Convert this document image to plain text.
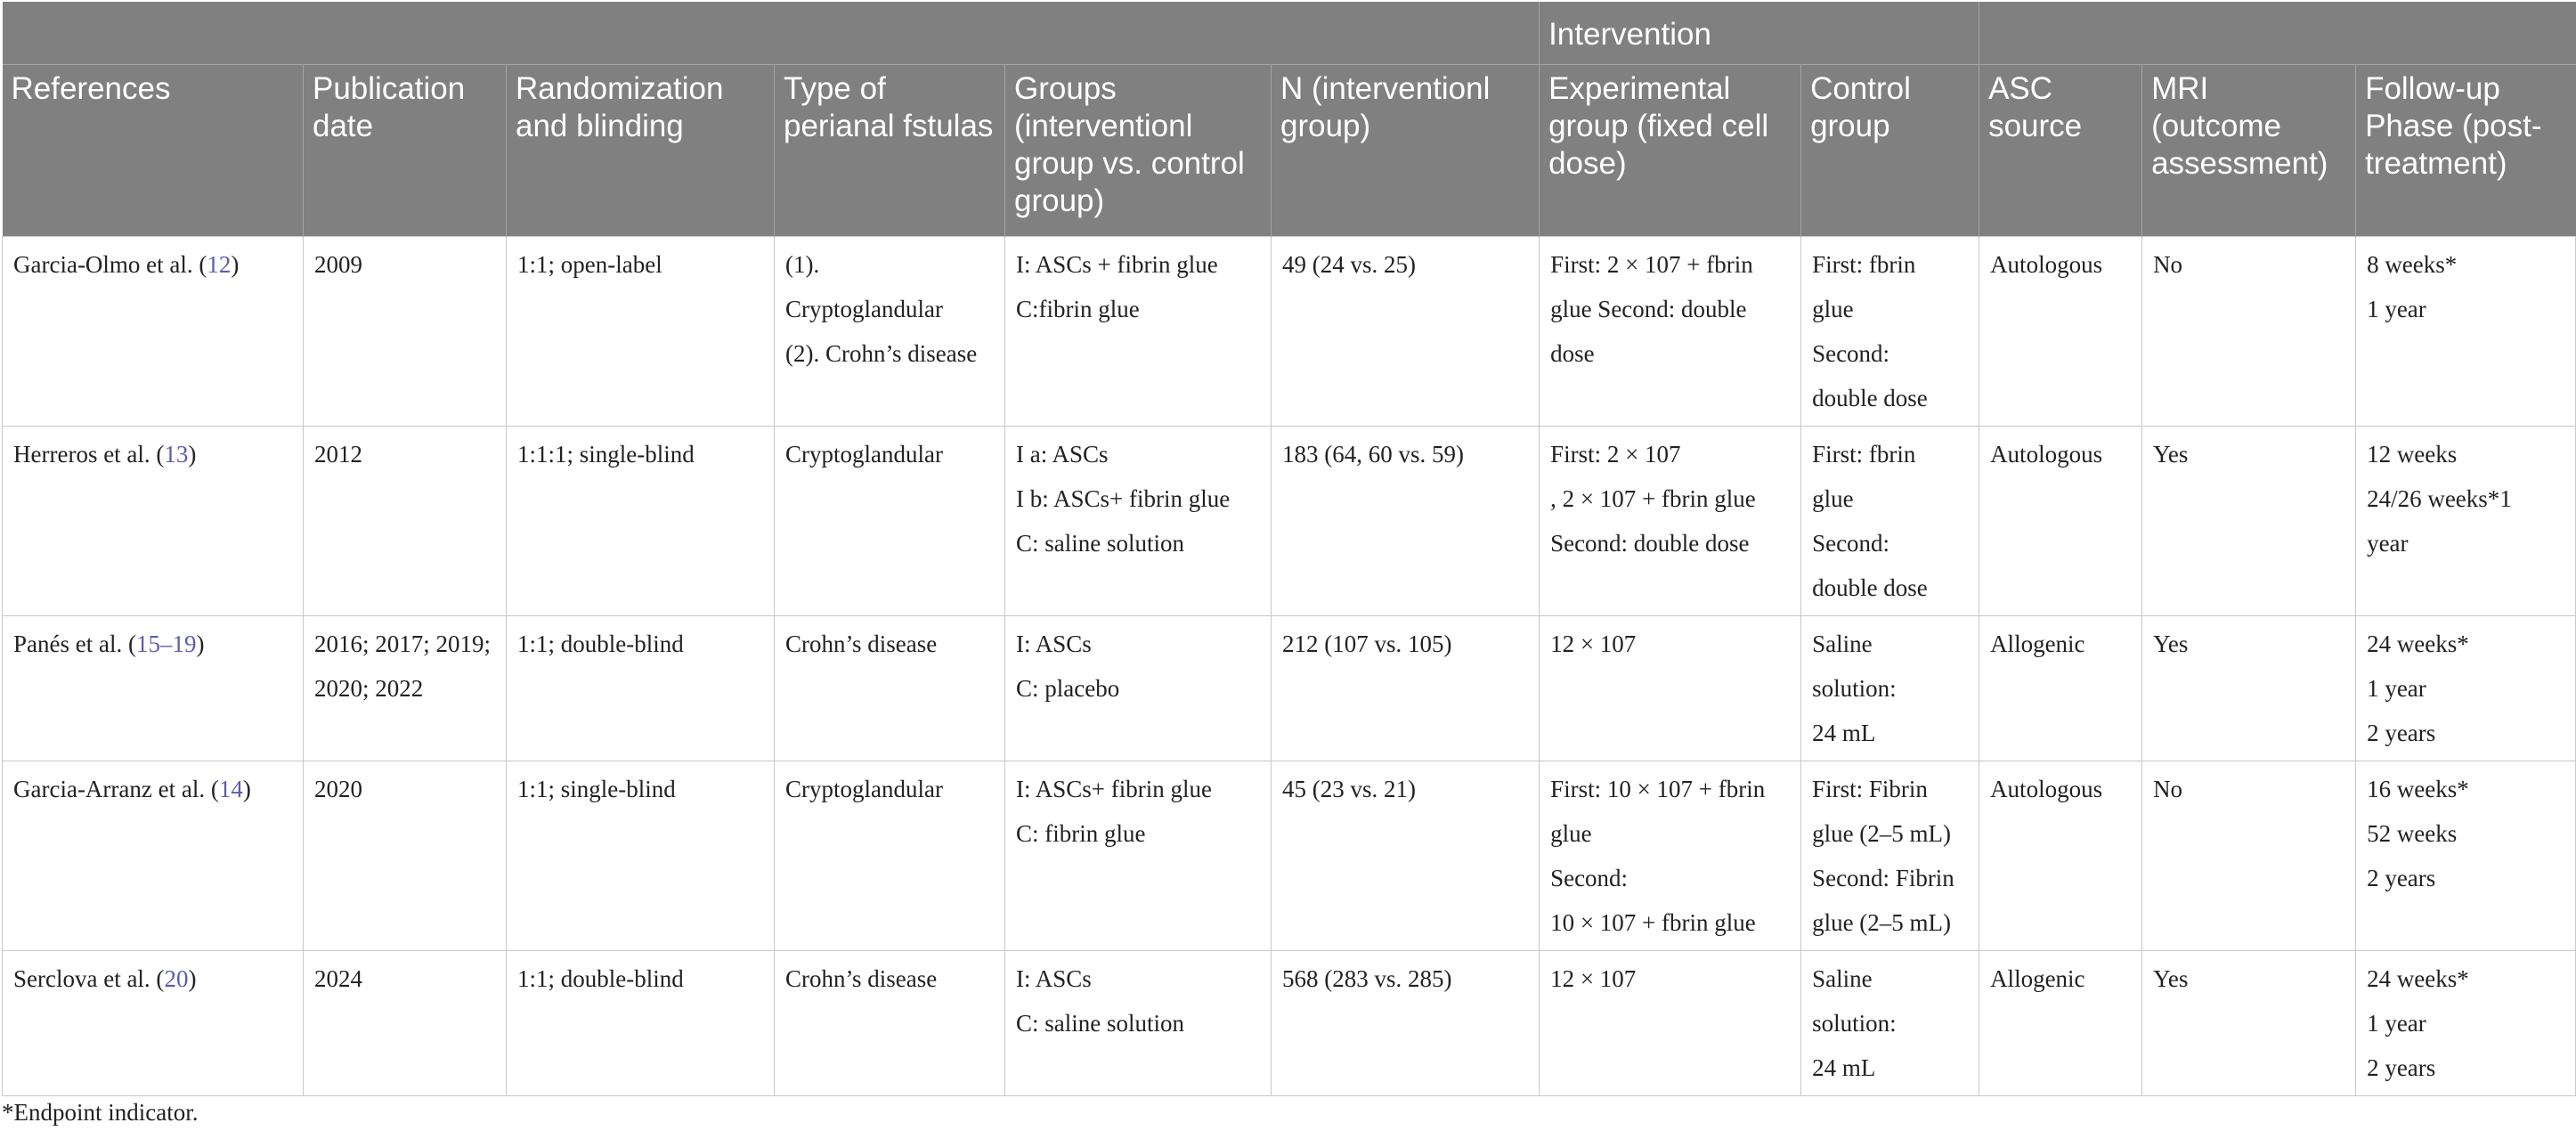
						Intervention				
References	Publication date	Randomization and blinding	Type of perianal fstulas	Groups (interventionl group vs. control group)	N (interventionl group)	Experimental group (fixed cell dose)	Control group	ASC source	MRI (outcome assessment)	Follow-up Phase (post-treatment)
Garcia-Olmo et al. (12)	2009	1:1; open-label	(1).
Cryptoglandular
(2). Crohn’s disease	I: ASCs + fibrin glue
C:fibrin glue	49 (24 vs. 25)	First: 2 × 107 + fbrin
glue Second: double
dose	First: fbrin
glue
Second:
double dose	Autologous	No	8 weeks*
1 year

Herreros et al. (13)	2012	1:1:1; single-blind	Cryptoglandular	I a: ASCs
I b: ASCs+ fibrin glue
C: saline solution	183 (64, 60 vs. 59)	First: 2 × 107
, 2 × 107 + fbrin glue
Second: double dose	First: fbrin
glue
Second:
double dose	Autologous	Yes	12 weeks
24/26 weeks*1
year

Panés et al. (15–19)	2016; 2017; 2019; 2020; 2022	1:1; double-blind	Crohn’s disease	I: ASCs
C: placebo	212 (107 vs. 105)	12 × 107	Saline
solution:
24 mL	Allogenic	Yes	24 weeks*
1 year
2 years

Garcia-Arranz et al. (14)	2020	1:1; single-blind	Cryptoglandular	I: ASCs+ fibrin glue
C: fibrin glue	45 (23 vs. 21)	First: 10 × 107 + fbrin
glue
Second:
10 × 107 + fbrin glue	First: Fibrin
glue (2–5 mL)
Second: Fibrin
glue (2–5 mL)	Autologous	No	16 weeks*
52 weeks
2 years

Serclova et al. (20)	2024	1:1; double-blind	Crohn’s disease	I: ASCs
C: saline solution	568 (283 vs. 285)	12 × 107	Saline
solution:
24 mL	Allogenic	Yes	24 weeks*
1 year
2 years
*Endpoint indicator.
